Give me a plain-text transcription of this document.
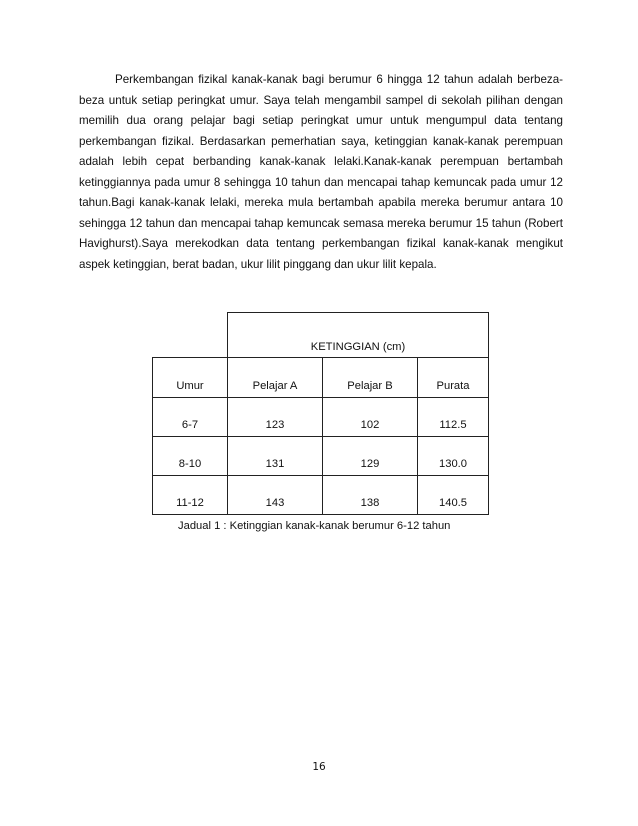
Perkembangan fizikal kanak-kanak bagi berumur 6 hingga 12 tahun adalah berbeza-beza untuk setiap peringkat umur. Saya telah mengambil sampel di sekolah pilihan dengan memilih dua orang pelajar bagi setiap peringkat umur untuk mengumpul data tentang perkembangan fizikal. Berdasarkan pemerhatian saya, ketinggian kanak-kanak perempuan adalah lebih cepat berbanding kanak-kanak lelaki.Kanak-kanak perempuan bertambah ketinggiannya pada umur 8 sehingga 10 tahun dan mencapai tahap kemuncak pada umur 12 tahun.Bagi kanak-kanak lelaki, mereka mula bertambah apabila mereka berumur antara 10 sehingga 12 tahun dan mencapai tahap kemuncak semasa mereka berumur 15 tahun (Robert Havighurst).Saya merekodkan data tentang perkembangan fizikal kanak-kanak mengikut aspek ketinggian, berat badan, ukur lilit pinggang dan ukur lilit kepala.

	KETINGGIAN (cm)		
Umur	Pelajar A	Pelajar B	Purata
6-7	123	102	112.5
8-10	131	129	130.0
11-12	143	138	140.5

Jadual 1 : Ketinggian kanak-kanak berumur 6-12 tahun

16
